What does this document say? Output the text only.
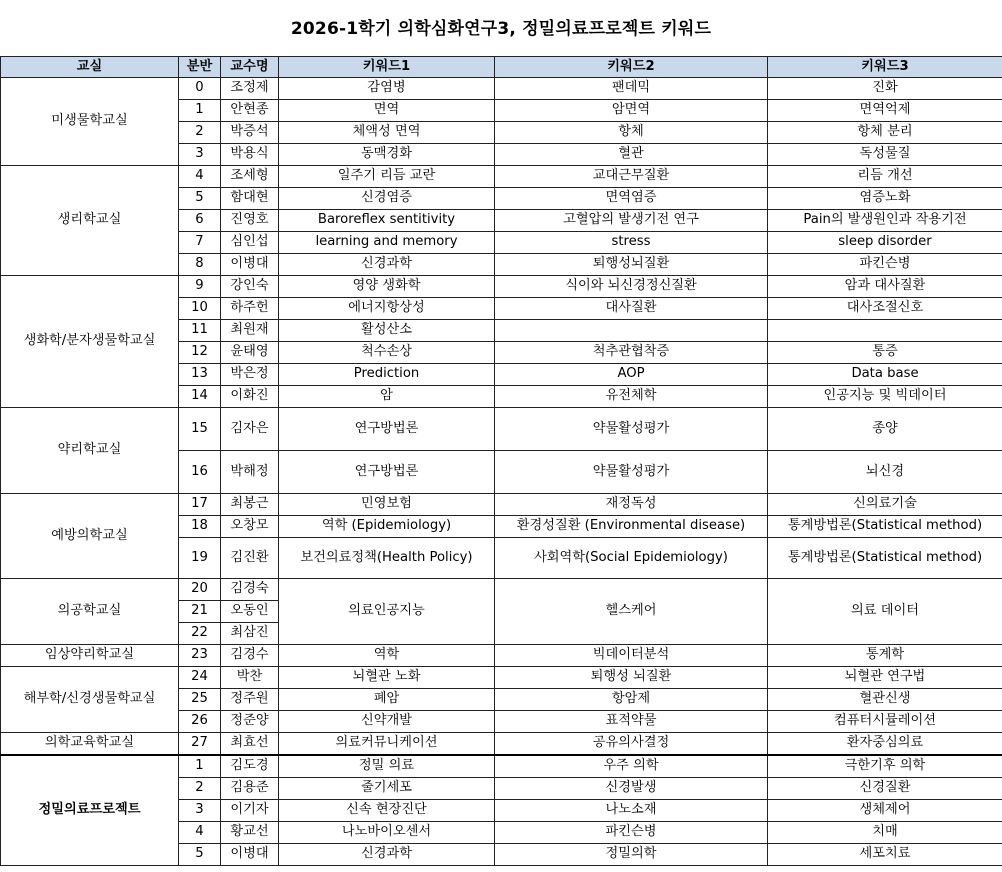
2026-1학기 의학심화연구3, 정밀의료프로젝트 키워드
교실	분반	교수명	키워드1	키워드2	키워드3
미생물학교실	0	조정제	감염병	팬데믹	진화
	1	안현종	면역	암면역	면역억제
	2	박증석	체액성 면역	항체	항체 분리
	3	박용식	동맥경화	혈관	독성물질
생리학교실	4	조세형	일주기 리듬 교란	교대근무질환	리듬 개선
	5	함대현	신경염증	면역염증	염증노화
	6	진영호	Baroreflex sentitivity	고혈압의 발생기전 연구	Pain의 발생원인과 작용기전
	7	심인섭	learning and memory	stress	sleep disorder
	8	이병대	신경과학	퇴행성뇌질환	파킨슨병
생화학/분자생물학교실	9	강인숙	영양 생화학	식이와 뇌신경정신질환	암과 대사질환
	10	하주헌	에너지항상성	대사질환	대사조절신호
	11	최원재	활성산소		
	12	윤태영	척수손상	척추관협착증	통증
	13	박은정	Prediction	AOP	Data base
	14	이화진	암	유전체학	인공지능 및 빅데이터
약리학교실	15	김자은	연구방법론	약물활성평가	종양
	16	박해정	연구방법론	약물활성평가	뇌신경
예방의학교실	17	최봉근	민영보험	재정독성	신의료기술
	18	오창모	역학 (Epidemiology)	환경성질환 (Environmental disease)	통계방법론(Statistical method)
	19	김진환	보건의료정책(Health Policy)	사회역학(Social Epidemiology)	통계방법론(Statistical method)
의공학교실	20	김경숙	의료인공지능	헬스케어	의료 데이터
	21	오동인			
	22	최삼진			
임상약리학교실	23	김경수	역학	빅데이터분석	통계학
해부학/신경생물학교실	24	박찬	뇌혈관 노화	퇴행성 뇌질환	뇌혈관 연구법
	25	정주원	폐암	항암제	혈관신생
	26	정준양	신약개발	표적약물	컴퓨터시뮬레이션
의학교육학교실	27	최효선	의료커뮤니케이션	공유의사결정	환자중심의료
정밀의료프로젝트	1	김도경	정밀 의료	우주 의학	극한기후 의학
	2	김용준	줄기세포	신경발생	신경질환
	3	이기자	신속 현장진단	나노소재	생체제어
	4	황교선	나노바이오센서	파킨슨병	치매
	5	이병대	신경과학	정밀의학	세포치료
